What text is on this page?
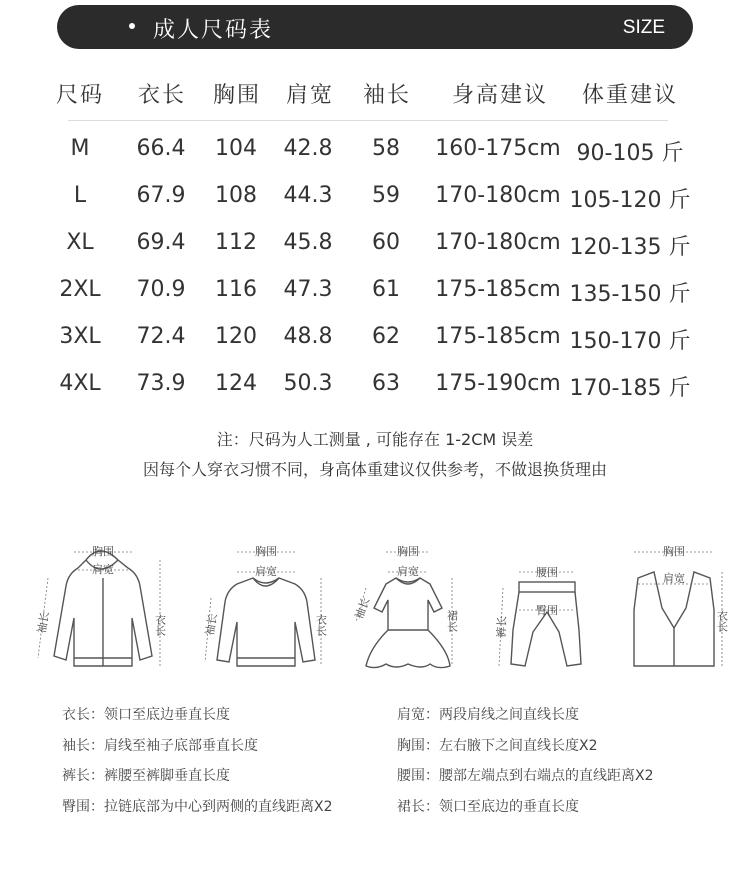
成人尺码表	SIZE
尺码 衣长 胸围 肩宽 袖长 身高建议 体重建议
M 66.4 104 42.8 58 160-175cm 90-105 斤
L 67.9 108 44.3 59 170-180cm 105-120 斤
XL 69.4 112 45.8 60 170-180cm 120-135 斤
2XL 70.9 116 47.3 61 175-185cm 135-150 斤
3XL 72.4 120 48.8 62 175-185cm 150-170 斤
4XL 73.9 124 50.3 63 175-190cm 170-185 斤
注：尺码为人工测量 , 可能存在 1-2CM 误差
因每个人穿衣习惯不同，身高体重建议仅供参考，不做退换货理由
胸围
肩宽
袖长	衣长
胸围
肩宽
袖长	衣长
胸围
肩宽
袖长	裙长
腰围
臀围
裤长
胸围
肩宽
衣长
衣长：领口至底边垂直长度	肩宽：两段肩线之间直线长度
袖长：肩线至袖子底部垂直长度	胸围：左右腋下之间直线长度X2
裤长：裤腰至裤脚垂直长度	腰围：腰部左端点到右端点的直线距离X2
臀围：拉链底部为中心到两侧的直线距离X2	裙长：领口至底边的垂直长度
